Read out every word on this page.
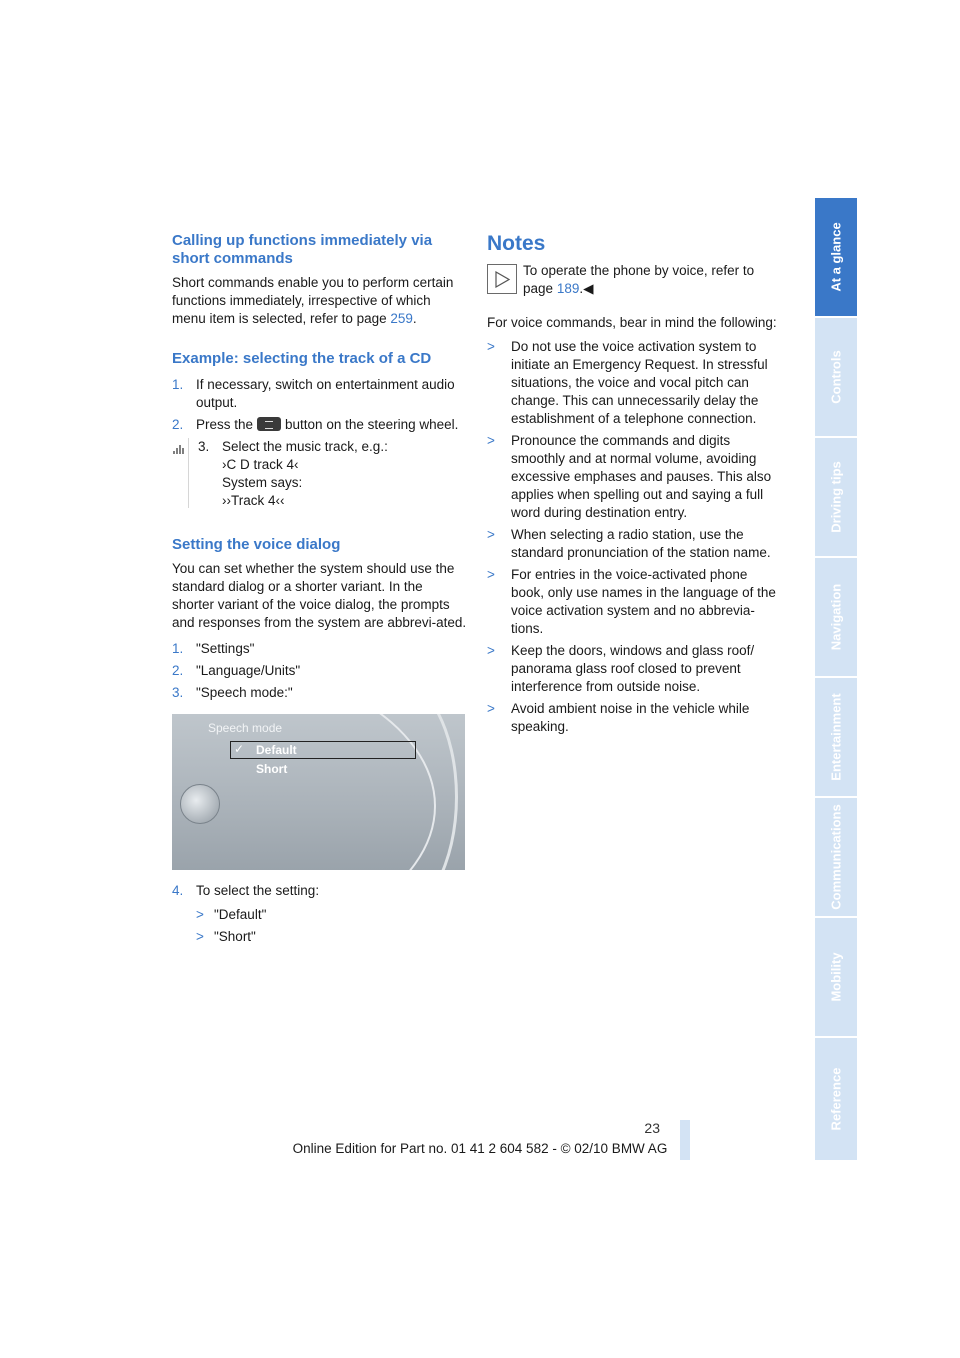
Calling up functions immediately via short commands

Short commands enable you to perform certain functions immediately, irrespective of which menu item is selected, refer to page 259.

Example: selecting the track of a CD
1. If necessary, switch on entertainment audio output.
2. Press the button on the steering wheel.
3. Select the music track, e.g.:
›C D track 4‹
System says:
››Track 4‹‹
Setting the voice dialog

You can set whether the system should use the standard dialog or a shorter variant. In the shorter variant of the voice dialog, the prompts and responses from the system are abbrevi-ated.

1. "Settings"
2. "Language/Units"
3. "Speech mode:"
Speech mode
✓ Default
Short
4. To select the setting:
> "Default"
> "Short"
Notes
To operate the phone by voice, refer to page 189.◀

For voice commands, bear in mind the following:

> Do not use the voice activation system to initiate an Emergency Request. In stressful situations, the voice and vocal pitch can change. This can unnecessarily delay the establishment of a telephone connection.
> Pronounce the commands and digits smoothly and at normal volume, avoiding excessive emphases and pauses. This also applies when spelling out and saying a full word during destination entry.
> When selecting a radio station, use the standard pronunciation of the station name.
> For entries in the voice-activated phone book, only use names in the language of the voice activation system and no abbrevia-tions.
> Keep the doors, windows and glass roof/ panorama glass roof closed to prevent interference from outside noise.
> Avoid ambient noise in the vehicle while speaking.
At a glance
Controls
Driving tips
Navigation
Entertainment
Communications
Mobility
Reference
23
Online Edition for Part no. 01 41 2 604 582 - © 02/10 BMW AG
